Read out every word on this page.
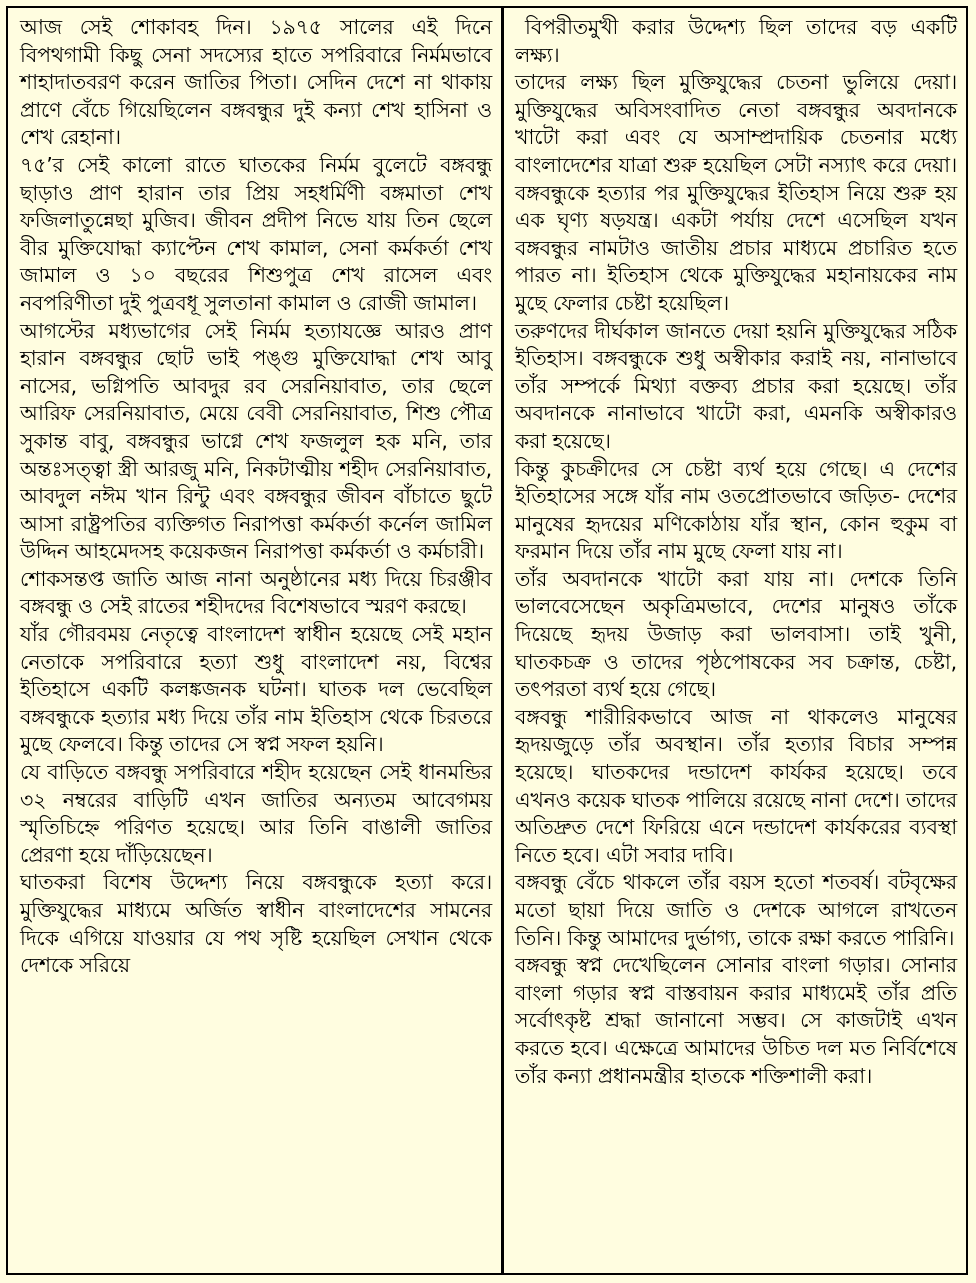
আজ সেই শোকাবহ দিন। ১৯৭৫ সালের এই দিনে বিপথগামী কিছু সেনা সদস্যের হাতে সপরিবারে নির্মমভাবে শাহাদাতবরণ করেন জাতির পিতা। সেদিন দেশে না থাকায় প্রাণে বেঁচে গিয়েছিলেন বঙ্গবন্ধুর দুই কন্যা শেখ হাসিনা ও শেখ রেহানা।

৭৫’র সেই কালো রাতে ঘাতকের নির্মম বুলেটে বঙ্গবন্ধু ছাড়াও প্রাণ হারান তার প্রিয় সহধর্মিণী বঙ্গমাতা শেখ ফজিলাতুন্নেছা মুজিব। জীবন প্রদীপ নিভে যায় তিন ছেলে বীর মুক্তিযোদ্ধা ক্যাপ্টেন শেখ কামাল, সেনা কর্মকর্তা শেখ জামাল ও ১০ বছরের শিশুপুত্র শেখ রাসেল এবং নবপরিণীতা দুই পুত্রবধূ সুলতানা কামাল ও রোজী জামাল।

আগস্টের মধ্যভাগের সেই নির্মম হত্যাযজ্ঞে আরও প্রাণ হারান বঙ্গবন্ধুর ছোট ভাই পঙ্গু মুক্তিযোদ্ধা শেখ আবু নাসের, ভগ্নিপতি আবদুর রব সেরনিয়াবাত, তার ছেলে আরিফ সেরনিয়াবাত, মেয়ে বেবী সেরনিয়াবাত, শিশু পৌত্র সুকান্ত বাবু, বঙ্গবন্ধুর ভাগ্নে শেখ ফজলুল হক মনি, তার অন্তঃসত্ত্বা স্ত্রী আরজু মনি, নিকটাত্মীয় শহীদ সেরনিয়াবাত, আবদুল নঈম খান রিন্টু এবং বঙ্গবন্ধুর জীবন বাঁচাতে ছুটে আসা রাষ্ট্রপতির ব্যক্তিগত নিরাপত্তা কর্মকর্তা কর্নেল জামিল উদ্দিন আহমেদসহ কয়েকজন নিরাপত্তা কর্মকর্তা ও কর্মচারী।

শোকসন্তপ্ত জাতি আজ নানা অনুষ্ঠানের মধ্য দিয়ে চিরঞ্জীব বঙ্গবন্ধু ও সেই রাতের শহীদদের বিশেষভাবে স্মরণ করছে।

যাঁর গৌরবময় নেতৃত্বে বাংলাদেশ স্বাধীন হয়েছে সেই মহান নেতাকে সপরিবারে হত্যা শুধু বাংলাদেশ নয়, বিশ্বের ইতিহাসে একটি কলঙ্কজনক ঘটনা। ঘাতক দল ভেবেছিল বঙ্গবন্ধুকে হত্যার মধ্য দিয়ে তাঁর নাম ইতিহাস থেকে চিরতরে মুছে ফেলবে। কিন্তু তাদের সে স্বপ্ন সফল হয়নি।

যে বাড়িতে বঙ্গবন্ধু সপরিবারে শহীদ হয়েছেন সেই ধানমন্ডির ৩২ নম্বরের বাড়িটি এখন জাতির অন্যতম আবেগময় স্মৃতিচিহ্নে পরিণত হয়েছে। আর তিনি বাঙালী জাতির প্রেরণা হয়ে দাঁড়িয়েছেন।

ঘাতকরা বিশেষ উদ্দেশ্য নিয়ে বঙ্গবন্ধুকে হত্যা করে। মুক্তিযুদ্ধের মাধ্যমে অর্জিত স্বাধীন বাংলাদেশের সামনের দিকে এগিয়ে যাওয়ার যে পথ সৃষ্টি হয়েছিল সেখান থেকে দেশকে সরিয়ে

বিপরীতমুখী করার উদ্দেশ্য ছিল তাদের বড় একটি লক্ষ্য।

তাদের লক্ষ্য ছিল মুক্তিযুদ্ধের চেতনা ভুলিয়ে দেয়া। মুক্তিযুদ্ধের অবিসংবাদিত নেতা বঙ্গবন্ধুর অবদানকে খাটো করা এবং যে অসাম্প্রদায়িক চেতনার মধ্যে বাংলাদেশের যাত্রা শুরু হয়েছিল সেটা নস্যাৎ করে দেয়া। বঙ্গবন্ধুকে হত্যার পর মুক্তিযুদ্ধের ইতিহাস নিয়ে শুরু হয় এক ঘৃণ্য ষড়যন্ত্র। একটা পর্যায় দেশে এসেছিল যখন বঙ্গবন্ধুর নামটাও জাতীয় প্রচার মাধ্যমে প্রচারিত হতে পারত না। ইতিহাস থেকে মুক্তিযুদ্ধের মহানায়কের নাম মুছে ফেলার চেষ্টা হয়েছিল।

তরুণদের দীর্ঘকাল জানতে দেয়া হয়নি মুক্তিযুদ্ধের সঠিক ইতিহাস। বঙ্গবন্ধুকে শুধু অস্বীকার করাই নয়, নানাভাবে তাঁর সম্পর্কে মিথ্যা বক্তব্য প্রচার করা হয়েছে। তাঁর অবদানকে নানাভাবে খাটো করা, এমনকি অস্বীকারও করা হয়েছে।

কিন্তু কুচক্রীদের সে চেষ্টা ব্যর্থ হয়ে গেছে। এ দেশের ইতিহাসের সঙ্গে যাঁর নাম ওতপ্রোতভাবে জড়িত- দেশের মানুষের হৃদয়ের মণিকোঠায় যাঁর স্থান, কোন হুকুম বা ফরমান দিয়ে তাঁর নাম মুছে ফেলা যায় না।

তাঁর অবদানকে খাটো করা যায় না। দেশকে তিনি ভালবেসেছেন অকৃত্রিমভাবে, দেশের মানুষও তাঁকে দিয়েছে হৃদয় উজাড় করা ভালবাসা। তাই খুনী, ঘাতকচক্র ও তাদের পৃষ্ঠপোষকের সব চক্রান্ত, চেষ্টা, তৎপরতা ব্যর্থ হয়ে গেছে।

বঙ্গবন্ধু শারীরিকভাবে আজ না থাকলেও মানুষের হৃদয়জুড়ে তাঁর অবস্থান। তাঁর হত্যার বিচার সম্পন্ন হয়েছে। ঘাতকদের দন্ডাদেশ কার্যকর হয়েছে। তবে এখনও কয়েক ঘাতক পালিয়ে রয়েছে নানা দেশে। তাদের অতিদ্রুত দেশে ফিরিয়ে এনে দন্ডাদেশ কার্যকরের ব্যবস্থা নিতে হবে। এটা সবার দাবি।

বঙ্গবন্ধু বেঁচে থাকলে তাঁর বয়স হতো শতবর্ষ। বটবৃক্ষের মতো ছায়া দিয়ে জাতি ও দেশকে আগলে রাখতেন তিনি। কিন্তু আমাদের দুর্ভাগ্য, তাকে রক্ষা করতে পারিনি।

বঙ্গবন্ধু স্বপ্ন দেখেছিলেন সোনার বাংলা গড়ার। সোনার বাংলা গড়ার স্বপ্ন বাস্তবায়ন করার মাধ্যমেই তাঁর প্রতি সর্বোৎকৃষ্ট শ্রদ্ধা জানানো সম্ভব। সে কাজটাই এখন করতে হবে। এক্ষেত্রে আমাদের উচিত দল মত নির্বিশেষে তাঁর কন্যা প্রধানমন্ত্রীর হাতকে শক্তিশালী করা।
